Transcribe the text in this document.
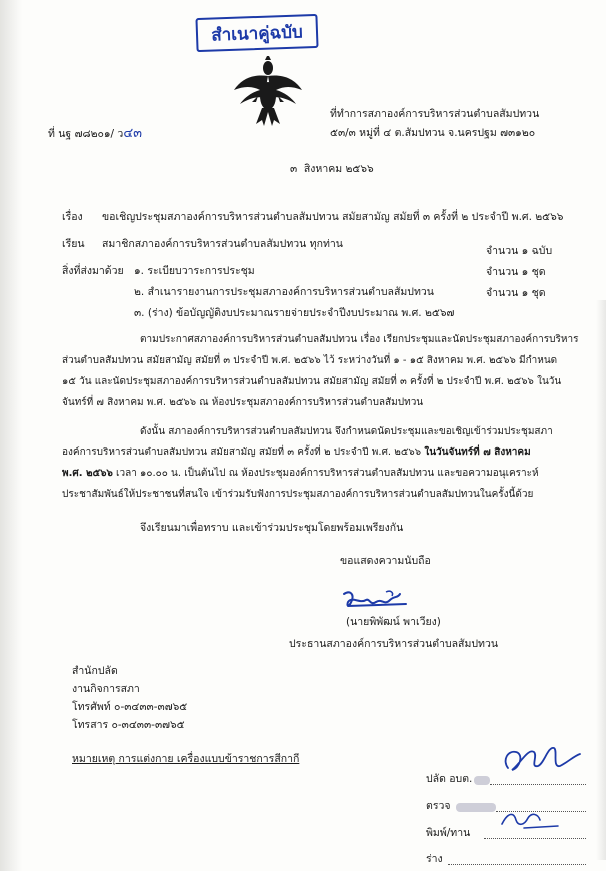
สำเนาคู่ฉบับ
ที่ นฐ ๗๘๒๐๑/ ว๔๓
ที่ทำการสภาองค์การบริหารส่วนตำบลสัมปทวน
๕๓/๓ หมู่ที่ ๔ ต.สัมปทวน จ.นครปฐม ๗๓๑๒๐
๓ สิงหาคม ๒๕๖๖
เรื่อง ขอเชิญประชุมสภาองค์การบริหารส่วนตำบลสัมปทวน สมัยสามัญ สมัยที่ ๓ ครั้งที่ ๒ ประจำปี พ.ศ. ๒๕๖๖
เรียน สมาชิกสภาองค์การบริหารส่วนตำบลสัมปทวน ทุกท่าน
สิ่งที่ส่งมาด้วย ๑. ระเบียบวาระการประชุม
จำนวน ๑ ฉบับ
๒. สำเนารายงานการประชุมสภาองค์การบริหารส่วนตำบลสัมปทวน
จำนวน ๑ ชุด
๓. (ร่าง) ข้อบัญญัติงบประมาณรายจ่ายประจำปีงบประมาณ พ.ศ. ๒๕๖๗
จำนวน ๑ ชุด
ตามประกาศสภาองค์การบริหารส่วนตำบลสัมปทวน เรื่อง เรียกประชุมและนัดประชุมสภาองค์การบริหาร
ส่วนตำบลสัมปทวน สมัยสามัญ สมัยที่ ๓ ประจำปี พ.ศ. ๒๕๖๖ ไว้ ระหว่างวันที่ ๑ - ๑๕ สิงหาคม พ.ศ. ๒๕๖๖ มีกำหนด
๑๕ วัน และนัดประชุมสภาองค์การบริหารส่วนตำบลสัมปทวน สมัยสามัญ สมัยที่ ๓ ครั้งที่ ๒ ประจำปี พ.ศ. ๒๕๖๖ ในวัน
จันทร์ที่ ๗ สิงหาคม พ.ศ. ๒๕๖๖ ณ ห้องประชุมสภาองค์การบริหารส่วนตำบลสัมปทวน
ดังนั้น สภาองค์การบริหารส่วนตำบลสัมปทวน จึงกำหนดนัดประชุมและขอเชิญเข้าร่วมประชุมสภา
องค์การบริหารส่วนตำบลสัมปทวน สมัยสามัญ สมัยที่ ๓ ครั้งที่ ๒ ประจำปี พ.ศ. ๒๕๖๖ ในวันจันทร์ที่ ๗ สิงหาคม
พ.ศ. ๒๕๖๖ เวลา ๑๐.๐๐ น. เป็นต้นไป ณ ห้องประชุมองค์การบริหารส่วนตำบลสัมปทวน และขอความอนุเคราะห์
ประชาสัมพันธ์ให้ประชาชนที่สนใจ เข้าร่วมรับฟังการประชุมสภาองค์การบริหารส่วนตำบลสัมปทวนในครั้งนี้ด้วย
จึงเรียนมาเพื่อทราบ และเข้าร่วมประชุมโดยพร้อมเพรียงกัน
ขอแสดงความนับถือ
(นายพิพัฒน์ พาเวียง)
ประธานสภาองค์การบริหารส่วนตำบลสัมปทวน
สำนักปลัด
งานกิจการสภา
โทรศัพท์ ๐-๓๔๓๓-๓๗๖๕
โทรสาร ๐-๓๔๓๓-๓๗๖๕
หมายเหตุ การแต่งกาย เครื่องแบบข้าราชการสีกากี
ปลัด อบต.
ตรวจ
พิมพ์/ทาน
ร่าง
